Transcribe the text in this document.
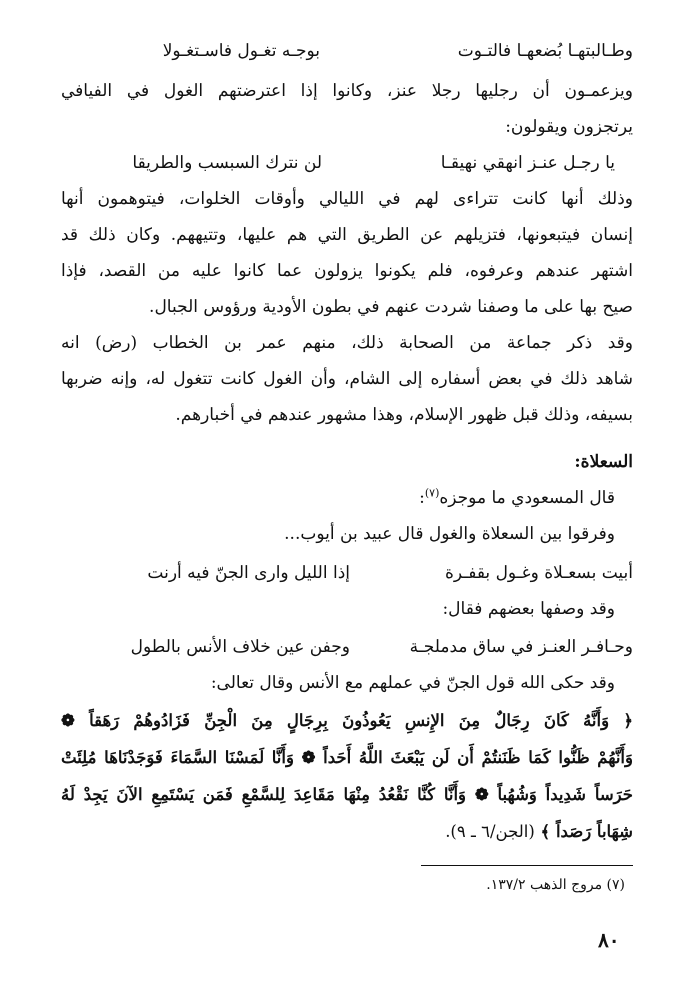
وطـالبتهـا بُضعهـا فالتـوت
بوجـه تغـول فاسـتغـولا
ويزعمـون أن رجليها رجلا عنز، وكانوا إذا اعترضتهم الغول في الفيافي
يرتجزون ويقولون:
يا رجـل عنـز انهقي نهيقـا
لن نترك السبسب والطريقا
وذلك أنها كانت تتراءى لهم في الليالي وأوقات الخلوات، فيتوهمون أنها
إنسان فيتبعونها، فتزيلهم عن الطريق التي هم عليها، وتتيههم. وكان ذلك قد
اشتهر عندهم وعرفوه، فلم يكونوا يزولون عما كانوا عليه من القصد، فإذا
صيح بها على ما وصفنا شردت عنهم في بطون الأودية ورؤوس الجبال.
وقد ذكر جماعة من الصحابة ذلك، منهم عمر بن الخطاب (رض) انه
شاهد ذلك في بعض أسفاره إلى الشام، وأن الغول كانت تتغول له، وإنه ضربها
بسيفه، وذلك قبل ظهور الإسلام، وهذا مشهور عندهم في أخبارهم.
السعلاة:
قال المسعودي ما موجزه$^{(٧)}$:
وفرقوا بين السعلاة والغول قال عبيد بن أيوب...
أبيت بسعـلاة وغـول بقفـرة
إذا الليل وارى الجنّ فيه أرنت
وقد وصفها بعضهم فقال:
وحـافـر العنـز في ساق مدملجـة
وجفن عين خلاف الأنس بالطول
وقد حكى الله قول الجنّ في عملهم مع الأنس وقال تعالى:
﴿ وَأَنَّهُ كَانَ رِجَالٌ مِنَ الإِنسِ يَعُوذُونَ بِرِجَالٍ مِنَ الْجِنِّ فَزَادُوهُمْ رَهَقاً ❁
وَأَنَّهُمْ ظَنُّوا كَمَا ظَنَنتُمْ أَن لَن يَبْعَثَ اللَّهُ أَحَداً ❁ وَأَنَّا لَمَسْنَا السَّمَاءَ فَوَجَدْنَاهَا مُلِئَتْ
حَرَساً شَدِيداً وَشُهُباً ❁ وَأَنَّا كُنَّا نَقْعُدُ مِنْهَا مَقَاعِدَ لِلسَّمْعِ فَمَن يَسْتَمِعِ الآنَ يَجِدْ لَهُ
شِهَاباً رَصَداً ﴾ (الجن/٦ ـ ٩).
(٧) مروج الذهب ١٣٧/٢.
٨٠
